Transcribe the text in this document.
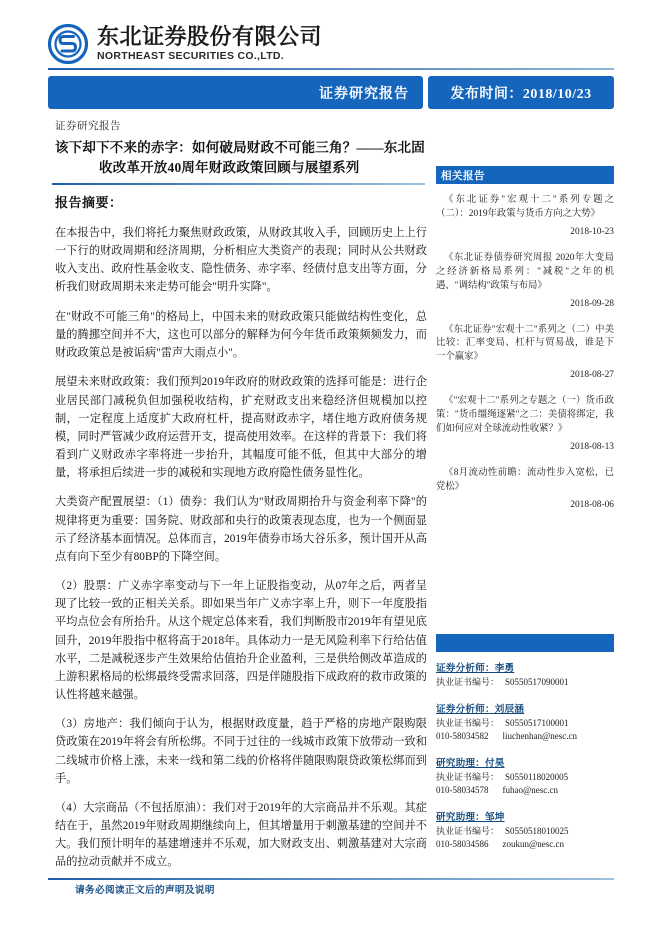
东北证券股份有限公司
NORTHEAST SECURITIES CO.,LTD.
证券研究报告	发布时间：2018/10/23
证券研究报告
该下却下不来的赤字：如何破局财政不可能三角？——东北固
收改革开放40周年财政政策回顾与展望系列
报告摘要：

在本报告中，我们将托力聚焦财政政策，从财政其收入手，回顾历史上上行一下行的财政周期和经济周期，分析相应大类资产的表现；同时从公共财政收入支出、政府性基金收支、隐性债务、赤字率、经债付息支出等方面，分析我们财政周期未来走势可能会"明升实降"。

在"财政不可能三角"的格局上，中国未来的财政政策只能做结构性变化，总量的腾挪空间并不大，这也可以部分的解释为何今年货币政策频频发力，而财政政策总是被诟病"雷声大雨点小"。

展望未来财政政策：我们预判2019年政府的财政政策的选择可能是：进行企业居民部门减税负但加强税收结构，扩充财政支出来稳经济但规模加以控制，一定程度上适度扩大政府杠杆，提高财政赤字，堵住地方政府债务规模，同时严管减少政府运营开支，提高使用效率。在这样的背景下：我们将看到广义财政赤字率将进一步抬升，其幅度可能不低，但其中大部分的增量，将承担后续进一步的减税和实现地方政府隐性债务显性化。

大类资产配置展望：（1）债券：我们认为"财政周期抬升与资金利率下降"的规律将更为重要：国务院、财政部和央行的政策表现态度，也为一个侧面显示了经济基本面情况。总体而言，2019年债券市场大谷乐多，预计国开从高点有向下至少有80BP的下降空间。

（2）股票：广义赤字率变动与下一年上证股指变动，从07年之后，两者呈现了比较一致的正相关关系。即如果当年广义赤字率上升，则下一年度股指平均点位会有所抬升。从这个规定总体来看，我们判断股市2019年有望见底回升，2019年股指中枢将高于2018年。具体动力一是无风险利率下行给估值水平，二是减税逐步产生效果给估值抬升企业盈利，三是供给侧改革造成的上游积累格局的松绑最终受需求回落，四是伴随股指下成政府的救市政策的认性将越来越强。

（3）房地产：我们倾向于认为，根据财政度量，趋于严格的房地产限购限贷政策在2019年将会有所松绑。不同于过往的一线城市政策下放带动一致和二线城市价格上涨，未来一线和第二线的价格将伴随限购限贷政策松绑而到手。

（4）大宗商品（不包括原油）：我们对于2019年的大宗商品并不乐观。其症结在于，虽然2019年财政周期继续向上，但其增量用于刺激基建的空间并不大。我们预计明年的基建增速并不乐观，加大财政支出、刺激基建对大宗商品的拉动贡献并不成立。

相关报告
《东北证券"宏观十二"系列专题之（二）：2019年政策与货币方向之大势》
2018-10-23
《东北证券债券研究周报 2020年大变局之经济新格局系列："减税"之年的机遇、"调结构"政策与布局》
2018-09-28
《东北证券"宏观十二"系列之（二）中美比较：汇率变局、杠杆与贸易战，谁是下一个赢家》
2018-08-27
《"宏观十二"系列之专题之（一）货币政策："货币缰绳逐紧"之二：美债将绑定，我们如何应对全球流动性收紧？》
2018-08-13
《8月流动性前瞻：流动性步入宽松，已党松》
2018-08-06
证券分析师：李勇
执业证书编号： S0550517090001
证券分析师：刘辰涵
执业证书编号： S0550517100001
010-58034582 liuchenhan@nesc.cn
研究助理：付昊
执业证书编号： S0550118020005
010-58034578 fuhao@nesc.cn
研究助理：邹坤
执业证书编号： S0550518010025
010-58034586 zoukun@nesc.cn
请务必阅读正文后的声明及说明
